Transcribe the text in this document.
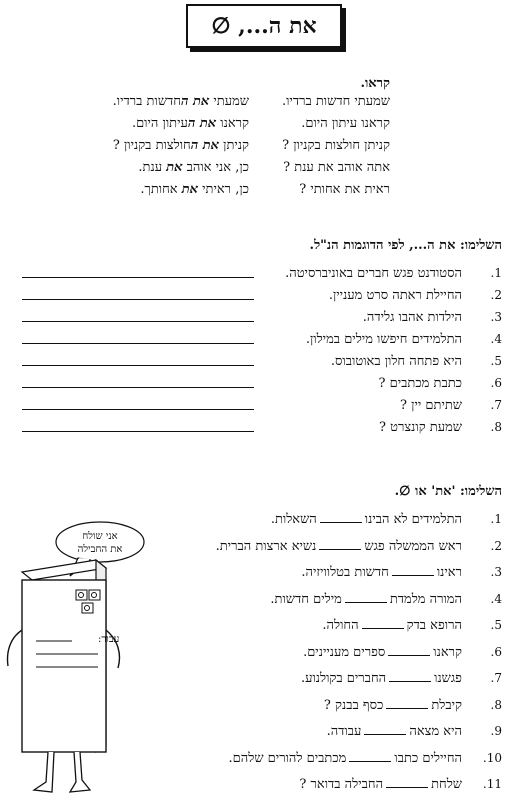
את ה..., ∅
קראו.
שמעתי חדשות ברדיו.
קראנו עיתון היום.
קניתן חולצות בקניון ?
אתה אוהב את ענת ?
ראית את אחותי ?
שמעתי את החדשות ברדיו.
קראנו את העיתון היום.
קניתן את החולצות בקניון ?
כן, אני אוהב את ענת.
כן, ראיתי את אחותך.
השלימו: את ה..., לפי הדוגמות הנ"ל.
.1
הסטודנט פגש חברים באוניברסיטה.
.2
החיילת ראתה סרט מעניין.
.3
הילדות אהבו גלידה.
.4
התלמידים חיפשו מילים במילון.
.5
היא פתחה חלון באוטובוס.
.6
כתבת מכתבים ?
.7
שתיתם יין ?
.8
שמעת קונצרט ?
השלימו: 'את' או ∅.
.1
התלמידים לא הבינוהשאלות.
.2
ראש הממשלה פגשנשיא ארצות הברית.
.3
ראינוחדשות בטלוויזיה.
.4
המורה מלמדתמילים חדשות.
.5
הרופא בדקהחולה.
.6
קראנוספרים מעניינים.
.7
פגשנוהחברים בקולנוע.
.8
קיבלתכסף בבנק ?
.9
היא מצאהעבודה.
.10
החיילים כתבומכתבים להורים שלהם.
.11
שלחתהחבילה בדואר ?
אני שולח
את החבילה
עבור:
